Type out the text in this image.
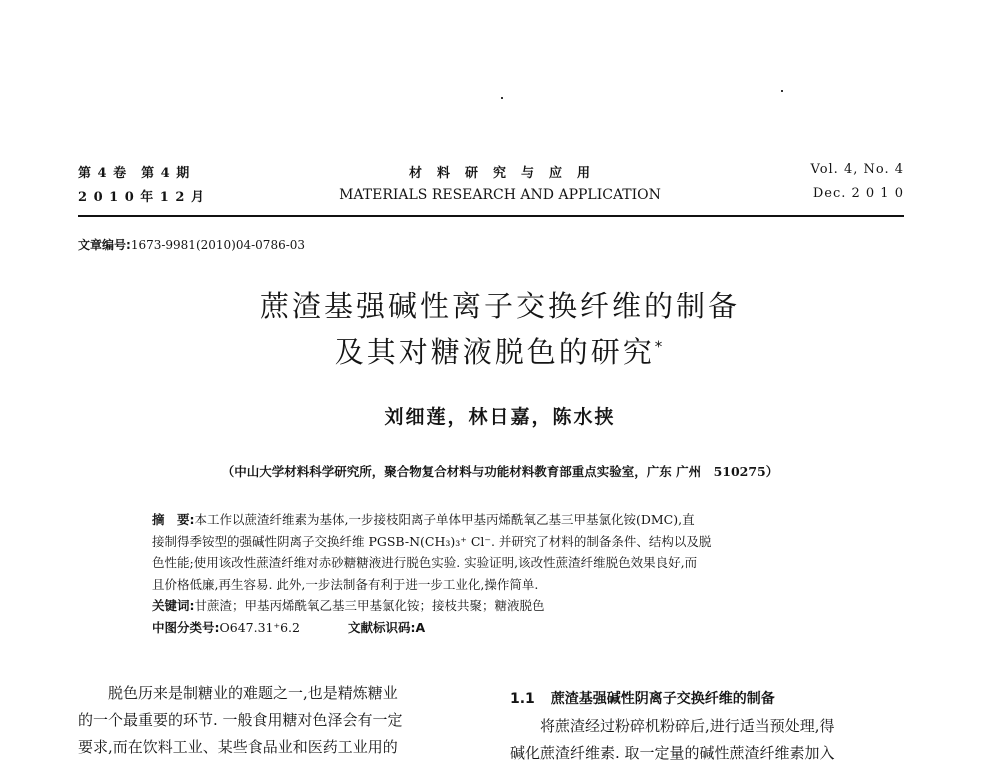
第 4 卷　第 4 期
2 0 1 0 年 1 2 月
材　料　研　究　与　应　用
MATERIALS RESEARCH AND APPLICATION
Vol. 4, No. 4
Dec. 2 0 1 0
文章编号:1673-9981(2010)04-0786-03
蔗渣基强碱性离子交换纤维的制备
及其对糖液脱色的研究*
刘细莲，林日嘉，陈水挟
（中山大学材料科学研究所，聚合物复合材料与功能材料教育部重点实验室，广东 广州　510275）

摘　要:本工作以蔗渣纤维素为基体,一步接枝阳离子单体甲基丙烯酰氧乙基三甲基氯化铵(DMC),直

接制得季铵型的强碱性阴离子交换纤维 PGSB-N(CH₃)₃⁺ Cl⁻. 并研究了材料的制备条件、结构以及脱

色性能;使用该改性蔗渣纤维对赤砂糖糖液进行脱色实验. 实验证明,该改性蔗渣纤维脱色效果良好,而

且价格低廉,再生容易. 此外,一步法制备有利于进一步工业化,操作简单.

关键词:甘蔗渣；甲基丙烯酰氧乙基三甲基氯化铵；接枝共聚；糖液脱色

中图分类号:O647.31⁺6.2	文献标识码:A

脱色历来是制糖业的难题之一,也是精炼糖业

的一个最重要的环节. 一般食用糖对色泽会有一定

要求,而在饮料工业、某些食品业和医药工业用的

1.1 蔗渣基强碱性阴离子交换纤维的制备

将蔗渣经过粉碎机粉碎后,进行适当预处理,得

碱化蔗渣纤维素. 取一定量的碱性蔗渣纤维素加入
